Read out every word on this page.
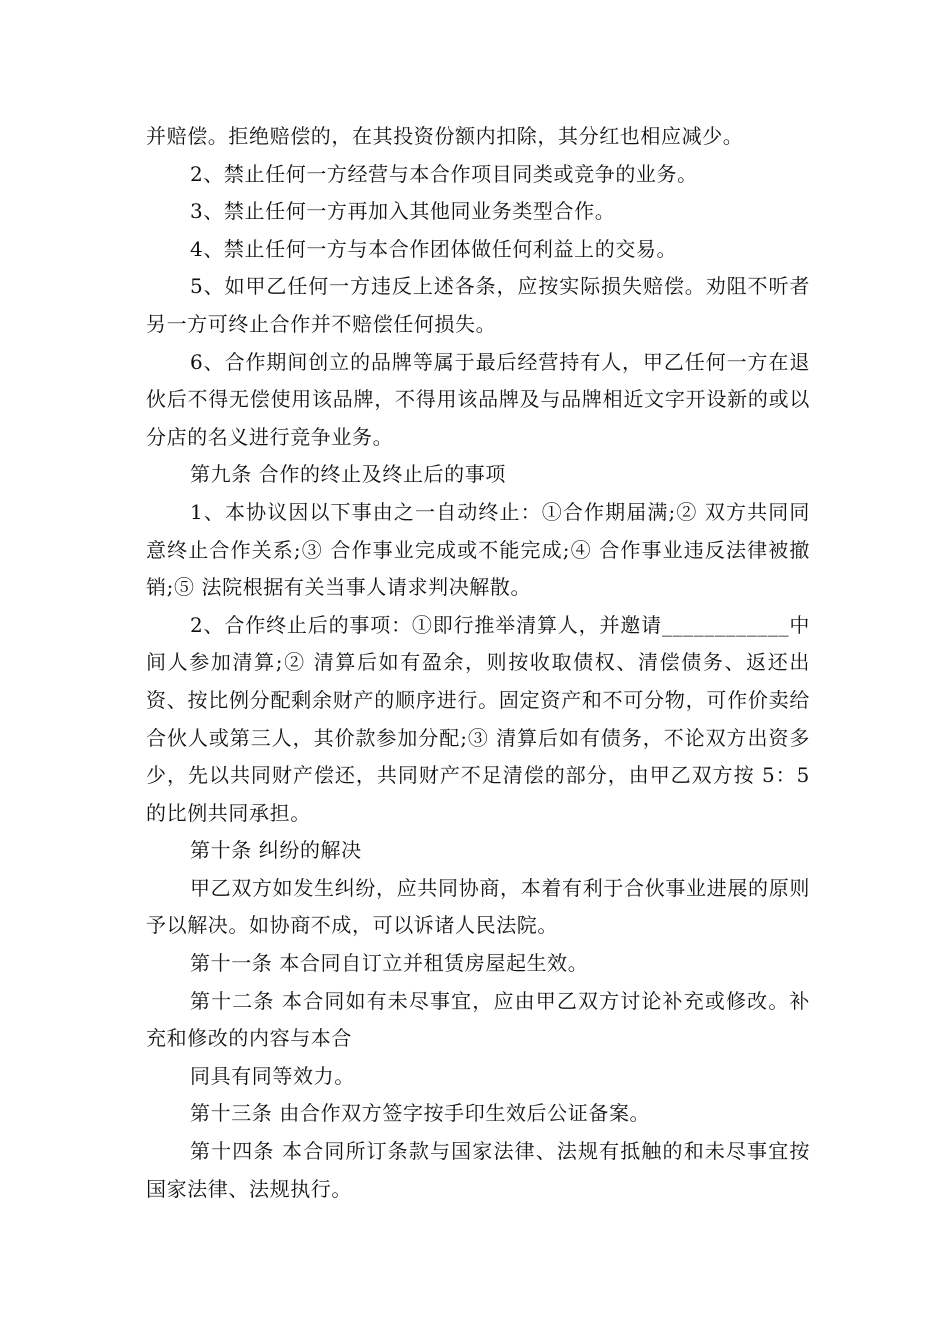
并赔偿。拒绝赔偿的，在其投资份额内扣除，其分红也相应减少。

2、禁止任何一方经营与本合作项目同类或竞争的业务。

3、禁止任何一方再加入其他同业务类型合作。

4、禁止任何一方与本合作团体做任何利益上的交易。

5、如甲乙任何一方违反上述各条，应按实际损失赔偿。劝阻不听者另一方可终止合作并不赔偿任何损失。

6、合作期间创立的品牌等属于最后经营持有人，甲乙任何一方在退伙后不得无偿使用该品牌，不得用该品牌及与品牌相近文字开设新的或以分店的名义进行竞争业务。

第九条 合作的终止及终止后的事项

1、本协议因以下事由之一自动终止：①合作期届满;② 双方共同同意终止合作关系;③ 合作事业完成或不能完成;④ 合作事业违反法律被撤销;⑤ 法院根据有关当事人请求判决解散。

2、合作终止后的事项：①即行推举清算人，并邀请____________中间人参加清算;② 清算后如有盈余，则按收取债权、清偿债务、返还出资、按比例分配剩余财产的顺序进行。固定资产和不可分物，可作价卖给合伙人或第三人，其价款参加分配;③ 清算后如有债务，不论双方出资多少，先以共同财产偿还，共同财产不足清偿的部分，由甲乙双方按 5：5 的比例共同承担。

第十条 纠纷的解决

甲乙双方如发生纠纷，应共同协商，本着有利于合伙事业进展的原则予以解决。如协商不成，可以诉诸人民法院。

第十一条 本合同自订立并租赁房屋起生效。

第十二条 本合同如有未尽事宜，应由甲乙双方讨论补充或修改。补充和修改的内容与本合

同具有同等效力。

第十三条 由合作双方签字按手印生效后公证备案。

第十四条 本合同所订条款与国家法律、法规有抵触的和未尽事宜按国家法律、法规执行。
